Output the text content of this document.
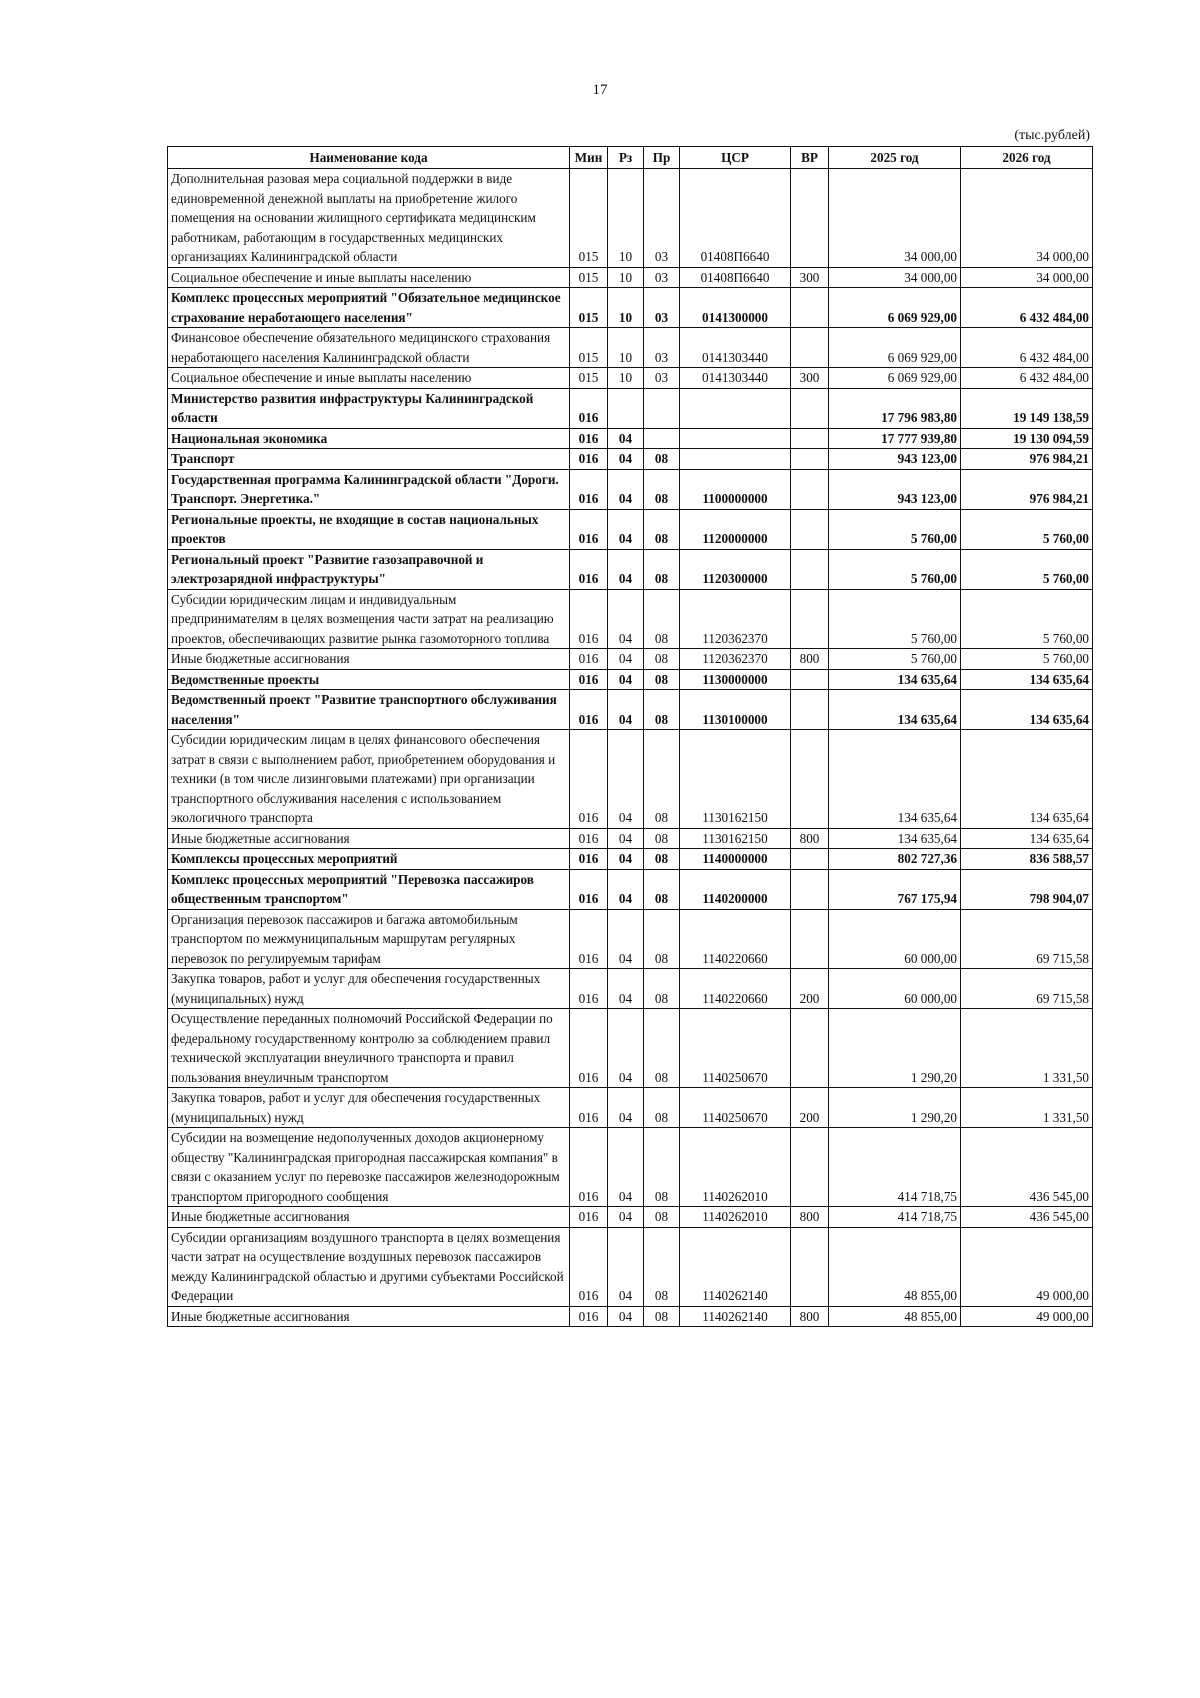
17
(тыс.рублей)
Наименование кода	Мин	Рз	Пр	ЦСР	ВР	2025 год	2026 год
Дополнительная разовая мера социальной поддержки в виде единовременной денежной выплаты на приобретение жилого помещения на основании жилищного сертификата медицинским работникам, работающим в государственных медицинских организациях Калининградской области	015	10	03	01408П6640		34 000,00	34 000,00
Социальное обеспечение и иные выплаты населению	015	10	03	01408П6640	300	34 000,00	34 000,00
Комплекс процессных мероприятий "Обязательное медицинское страхование неработающего населения"	015	10	03	0141300000		6 069 929,00	6 432 484,00
Финансовое обеспечение обязательного медицинского страхования неработающего населения Калининградской области	015	10	03	0141303440		6 069 929,00	6 432 484,00
Социальное обеспечение и иные выплаты населению	015	10	03	0141303440	300	6 069 929,00	6 432 484,00
Министерство развития инфраструктуры Калининградской области	016					17 796 983,80	19 149 138,59
Национальная экономика	016	04				17 777 939,80	19 130 094,59
Транспорт	016	04	08			943 123,00	976 984,21
Государственная программа Калининградской области "Дороги. Транспорт. Энергетика."	016	04	08	1100000000		943 123,00	976 984,21
Региональные проекты, не входящие в состав национальных проектов	016	04	08	1120000000		5 760,00	5 760,00
Региональный проект "Развитие газозаправочной и электрозарядной инфраструктуры"	016	04	08	1120300000		5 760,00	5 760,00
Субсидии юридическим лицам и индивидуальным предпринимателям в целях возмещения части затрат на реализацию проектов, обеспечивающих развитие рынка газомоторного топлива	016	04	08	1120362370		5 760,00	5 760,00
Иные бюджетные ассигнования	016	04	08	1120362370	800	5 760,00	5 760,00
Ведомственные проекты	016	04	08	1130000000		134 635,64	134 635,64
Ведомственный проект "Развитие транспортного обслуживания населения"	016	04	08	1130100000		134 635,64	134 635,64
Субсидии юридическим лицам в целях финансового обеспечения затрат в связи с выполнением работ, приобретением оборудования и техники (в том числе лизинговыми платежами) при организации транспортного обслуживания населения с использованием экологичного транспорта	016	04	08	1130162150		134 635,64	134 635,64
Иные бюджетные ассигнования	016	04	08	1130162150	800	134 635,64	134 635,64
Комплексы процессных мероприятий	016	04	08	1140000000		802 727,36	836 588,57
Комплекс процессных мероприятий "Перевозка пассажиров общественным транспортом"	016	04	08	1140200000		767 175,94	798 904,07
Организация перевозок пассажиров и багажа автомобильным транспортом по межмуниципальным маршрутам регулярных перевозок по регулируемым тарифам	016	04	08	1140220660		60 000,00	69 715,58
Закупка товаров, работ и услуг для обеспечения государственных (муниципальных) нужд	016	04	08	1140220660	200	60 000,00	69 715,58
Осуществление переданных полномочий Российской Федерации по федеральному государственному контролю за соблюдением правил технической эксплуатации внеуличного транспорта и правил пользования внеуличным транспортом	016	04	08	1140250670		1 290,20	1 331,50
Закупка товаров, работ и услуг для обеспечения государственных (муниципальных) нужд	016	04	08	1140250670	200	1 290,20	1 331,50
Субсидии на возмещение недополученных доходов акционерному обществу "Калининградская пригородная пассажирская компания" в связи с оказанием услуг по перевозке пассажиров железнодорожным транспортом пригородного сообщения	016	04	08	1140262010		414 718,75	436 545,00
Иные бюджетные ассигнования	016	04	08	1140262010	800	414 718,75	436 545,00
Субсидии организациям воздушного транспорта в целях возмещения части затрат на осуществление воздушных перевозок пассажиров между Калининградской областью и другими субъектами Российской Федерации	016	04	08	1140262140		48 855,00	49 000,00
Иные бюджетные ассигнования	016	04	08	1140262140	800	48 855,00	49 000,00
